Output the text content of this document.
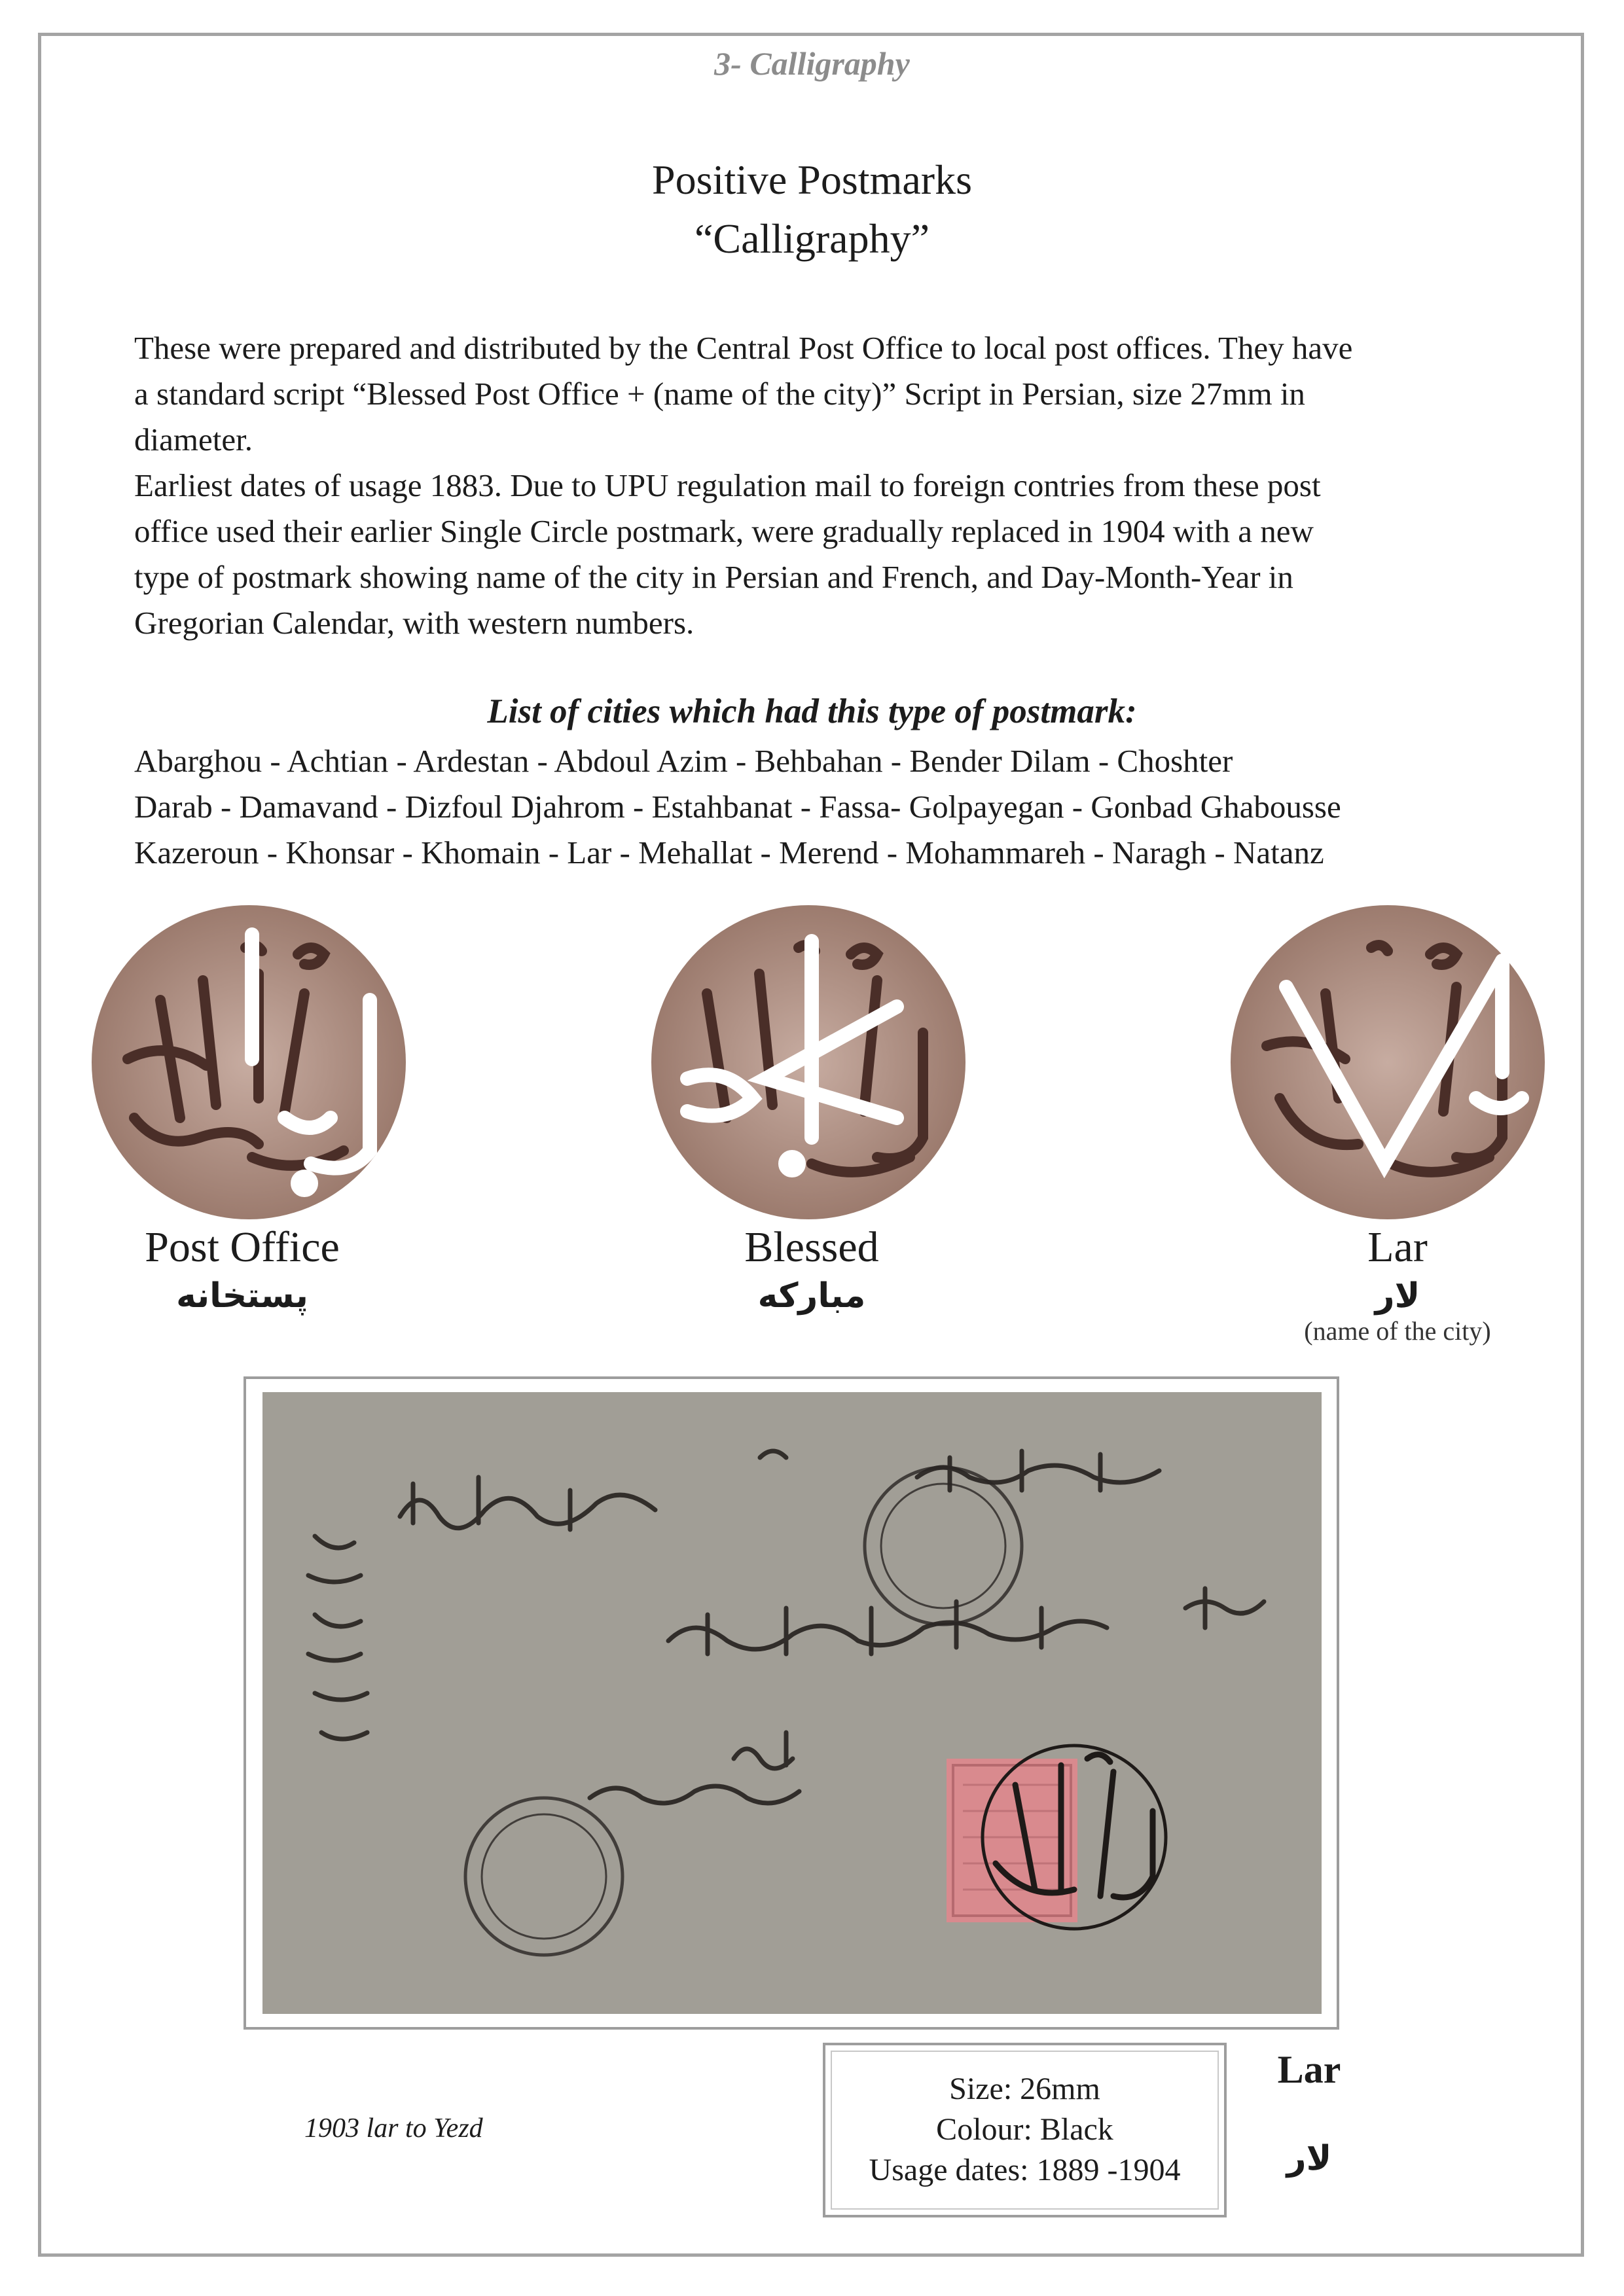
3- Calligraphy
Positive Postmarks
“Calligraphy”
These were prepared and distributed by the Central Post Office to local post offices. They have
a standard script “Blessed Post Office + (name of the city)” Script in Persian, size 27mm in
diameter.
Earliest dates of usage 1883. Due to UPU regulation mail to foreign contries from these post
office used their earlier Single Circle postmark, were gradually replaced in 1904 with a new
type of postmark showing name of the city in Persian and French, and Day-Month-Year in
Gregorian Calendar, with western numbers.
List of cities which had this type of postmark:
Abarghou - Achtian - Ardestan - Abdoul Azim - Behbahan - Bender Dilam - Choshter
Darab - Damavand - Dizfoul Djahrom - Estahbanat - Fassa- Golpayegan - Gonbad Ghabousse
Kazeroun - Khonsar - Khomain - Lar - Mehallat - Merend - Mohammareh - Naragh - Natanz
Post Office
پستخانه
Blessed
مبارکه
Lar
لار
(name of the city)
1903 lar to Yezd
Size: 26mm
Colour: Black
Usage dates: 1889 -1904
Lar
لار
